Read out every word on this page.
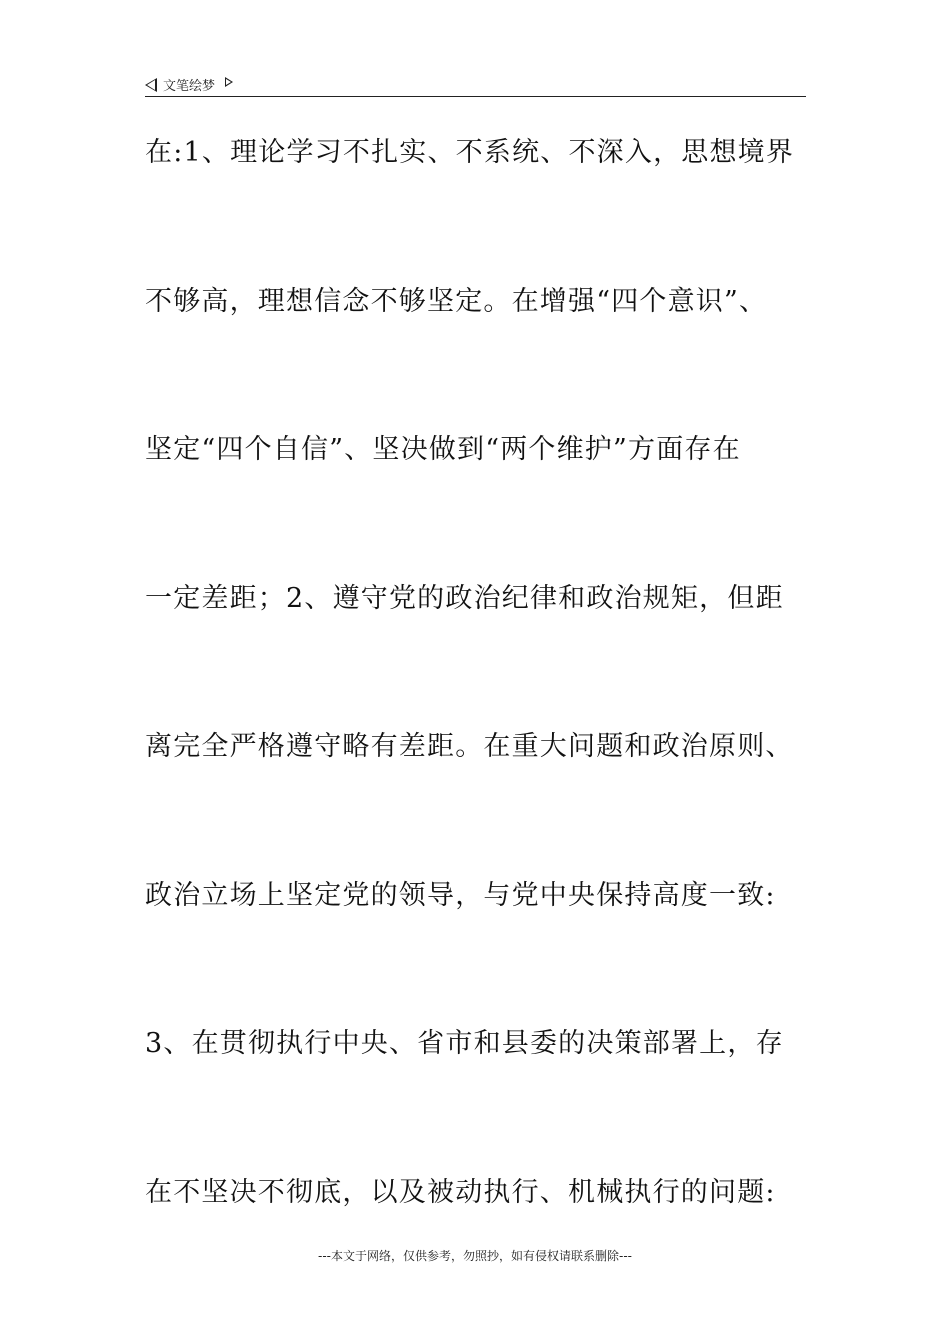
文笔绘梦
在:1、理论学习不扎实、不系统、不深入，思想境界
不够高，理想信念不够坚定。在增强“四个意识”、
坚定“四个自信”、坚决做到“两个维护”方面存在
一定差距；2、遵守党的政治纪律和政治规矩，但距
离完全严格遵守略有差距。在重大问题和政治原则、
政治立场上坚定党的领导，与党中央保持高度一致:
3、在贯彻执行中央、省市和县委的决策部署上，存
在不坚决不彻底，以及被动执行、机械执行的问题:
---本文于网络，仅供参考，勿照抄，如有侵权请联系删除---
